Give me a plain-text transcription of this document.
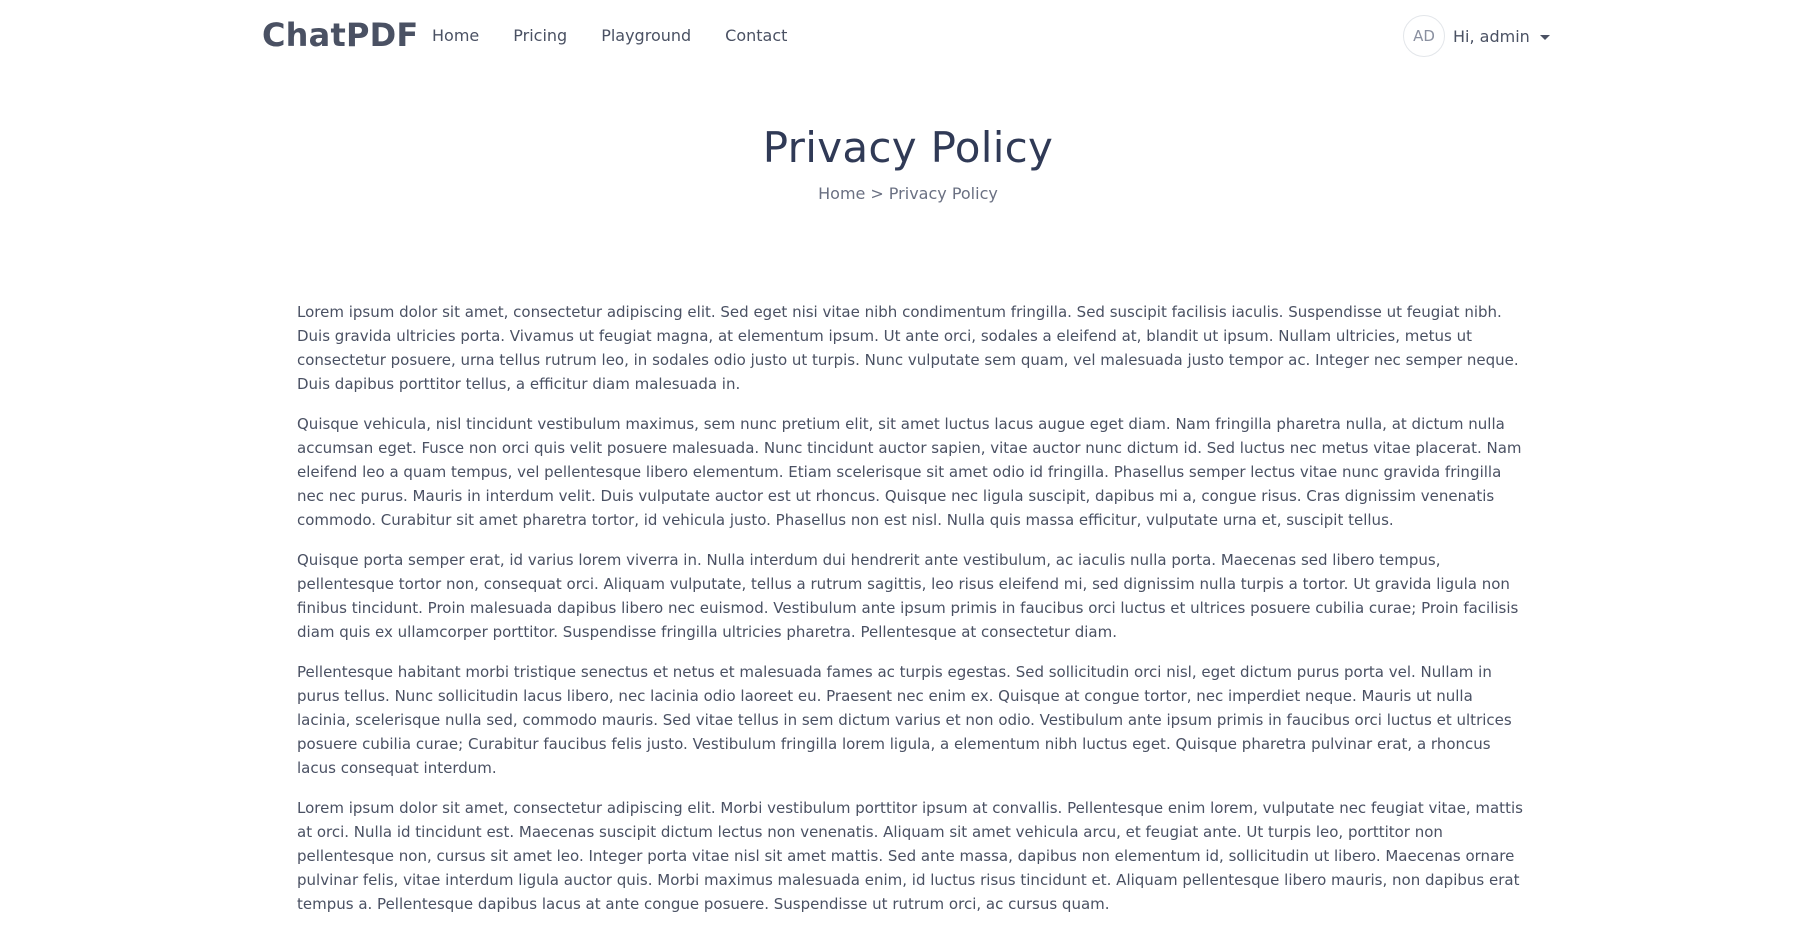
ChatPDF Home Pricing Playground Contact	AD	Hi, admin
Privacy Policy
Home > Privacy Policy

Lorem ipsum dolor sit amet, consectetur adipiscing elit. Sed eget nisi vitae nibh condimentum fringilla. Sed suscipit facilisis iaculis. Suspendisse ut feugiat nibh. Duis gravida ultricies porta. Vivamus ut feugiat magna, at elementum ipsum. Ut ante orci, sodales a eleifend at, blandit ut ipsum. Nullam ultricies, metus ut consectetur posuere, urna tellus rutrum leo, in sodales odio justo ut turpis. Nunc vulputate sem quam, vel malesuada justo tempor ac. Integer nec semper neque. Duis dapibus porttitor tellus, a efficitur diam malesuada in.

Quisque vehicula, nisl tincidunt vestibulum maximus, sem nunc pretium elit, sit amet luctus lacus augue eget diam. Nam fringilla pharetra nulla, at dictum nulla accumsan eget. Fusce non orci quis velit posuere malesuada. Nunc tincidunt auctor sapien, vitae auctor nunc dictum id. Sed luctus nec metus vitae placerat. Nam eleifend leo a quam tempus, vel pellentesque libero elementum. Etiam scelerisque sit amet odio id fringilla. Phasellus semper lectus vitae nunc gravida fringilla nec nec purus. Mauris in interdum velit. Duis vulputate auctor est ut rhoncus. Quisque nec ligula suscipit, dapibus mi a, congue risus. Cras dignissim venenatis commodo. Curabitur sit amet pharetra tortor, id vehicula justo. Phasellus non est nisl. Nulla quis massa efficitur, vulputate urna et, suscipit tellus.

Quisque porta semper erat, id varius lorem viverra in. Nulla interdum dui hendrerit ante vestibulum, ac iaculis nulla porta. Maecenas sed libero tempus, pellentesque tortor non, consequat orci. Aliquam vulputate, tellus a rutrum sagittis, leo risus eleifend mi, sed dignissim nulla turpis a tortor. Ut gravida ligula non finibus tincidunt. Proin malesuada dapibus libero nec euismod. Vestibulum ante ipsum primis in faucibus orci luctus et ultrices posuere cubilia curae; Proin facilisis diam quis ex ullamcorper porttitor. Suspendisse fringilla ultricies pharetra. Pellentesque at consectetur diam.

Pellentesque habitant morbi tristique senectus et netus et malesuada fames ac turpis egestas. Sed sollicitudin orci nisl, eget dictum purus porta vel. Nullam in purus tellus. Nunc sollicitudin lacus libero, nec lacinia odio laoreet eu. Praesent nec enim ex. Quisque at congue tortor, nec imperdiet neque. Mauris ut nulla lacinia, scelerisque nulla sed, commodo mauris. Sed vitae tellus in sem dictum varius et non odio. Vestibulum ante ipsum primis in faucibus orci luctus et ultrices posuere cubilia curae; Curabitur faucibus felis justo. Vestibulum fringilla lorem ligula, a elementum nibh luctus eget. Quisque pharetra pulvinar erat, a rhoncus lacus consequat interdum.

Lorem ipsum dolor sit amet, consectetur adipiscing elit. Morbi vestibulum porttitor ipsum at convallis. Pellentesque enim lorem, vulputate nec feugiat vitae, mattis at orci. Nulla id tincidunt est. Maecenas suscipit dictum lectus non venenatis. Aliquam sit amet vehicula arcu, et feugiat ante. Ut turpis leo, porttitor non pellentesque non, cursus sit amet leo. Integer porta vitae nisl sit amet mattis. Sed ante massa, dapibus non elementum id, sollicitudin ut libero. Maecenas ornare pulvinar felis, vitae interdum ligula auctor quis. Morbi maximus malesuada enim, id luctus risus tincidunt et. Aliquam pellentesque libero mauris, non dapibus erat tempus a. Pellentesque dapibus lacus at ante congue posuere. Suspendisse ut rutrum orci, ac cursus quam.
